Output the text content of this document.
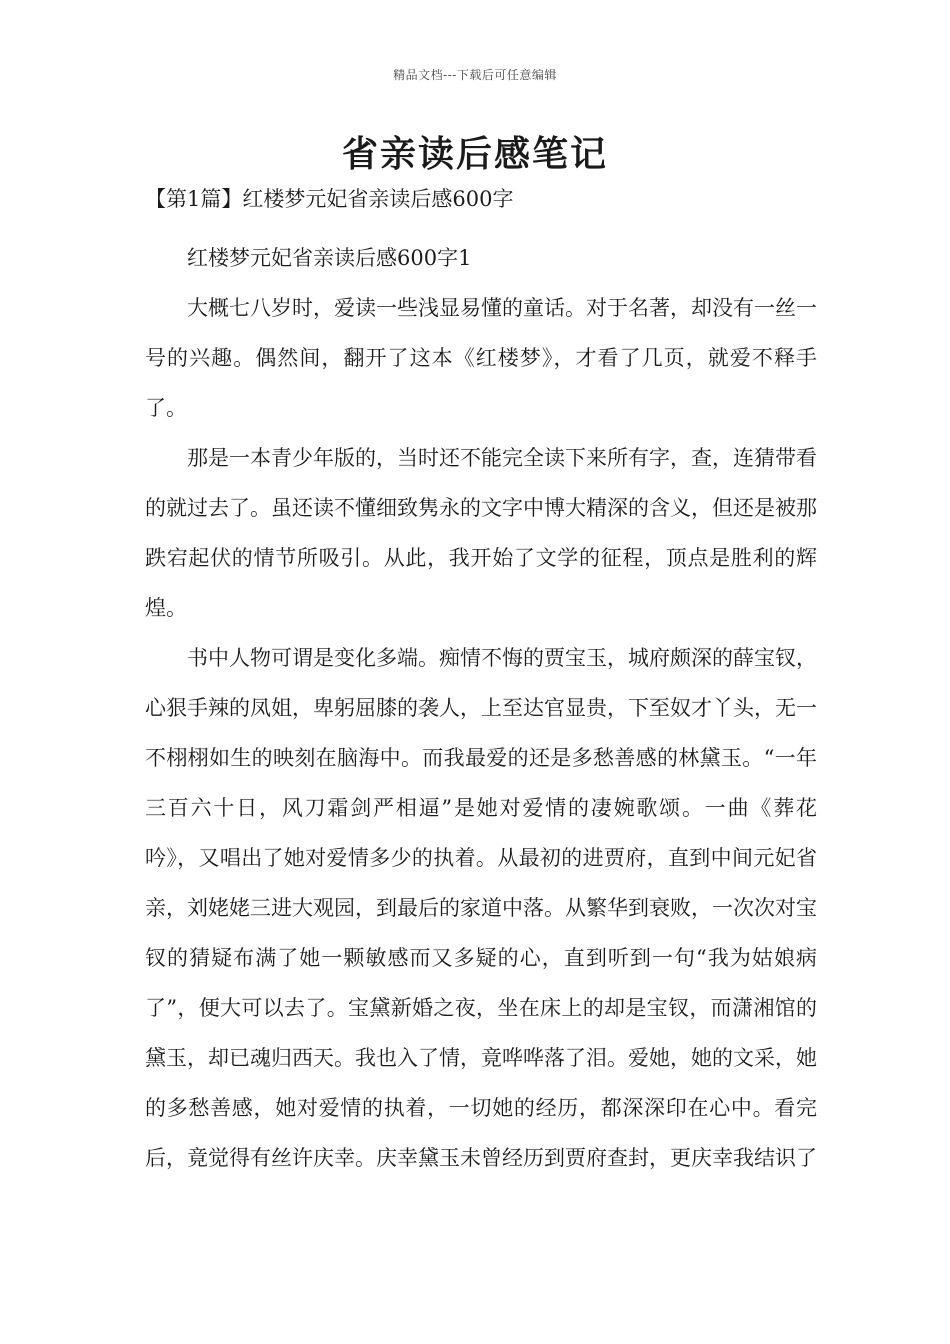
精品文档---下载后可任意编辑
省亲读后感笔记
【第1篇】红楼梦元妃省亲读后感600字

红楼梦元妃省亲读后感600字1

大概七八岁时，爱读一些浅显易懂的童话。对于名著，却没有一丝一号的兴趣。偶然间，翻开了这本《红楼梦》，才看了几页，就爱不释手了。

那是一本青少年版的，当时还不能完全读下来所有字，查，连猜带看的就过去了。虽还读不懂细致隽永的文字中博大精深的含义，但还是被那跌宕起伏的情节所吸引。从此，我开始了文学的征程，顶点是胜利的辉煌。

书中人物可谓是变化多端。痴情不悔的贾宝玉，城府颇深的薛宝钗，心狠手辣的凤姐，卑躬屈膝的袭人，上至达官显贵，下至奴才丫头，无一不栩栩如生的映刻在脑海中。而我最爱的还是多愁善感的林黛玉。“一年三百六十日，风刀霜剑严相逼”是她对爱情的凄婉歌颂。一曲《葬花吟》，又唱出了她对爱情多少的执着。从最初的进贾府，直到中间元妃省亲，刘姥姥三进大观园，到最后的家道中落。从繁华到衰败，一次次对宝钗的猜疑布满了她一颗敏感而又多疑的心，直到听到一句“我为姑娘病了”，便大可以去了。宝黛新婚之夜，坐在床上的却是宝钗，而潇湘馆的黛玉，却已魂归西天。我也入了情，竟哗哗落了泪。爱她，她的文采，她的多愁善感，她对爱情的执着，一切她的经历，都深深印在心中。看完后，竟觉得有丝许庆幸。庆幸黛玉未曾经历到贾府查封，更庆幸我结识了
